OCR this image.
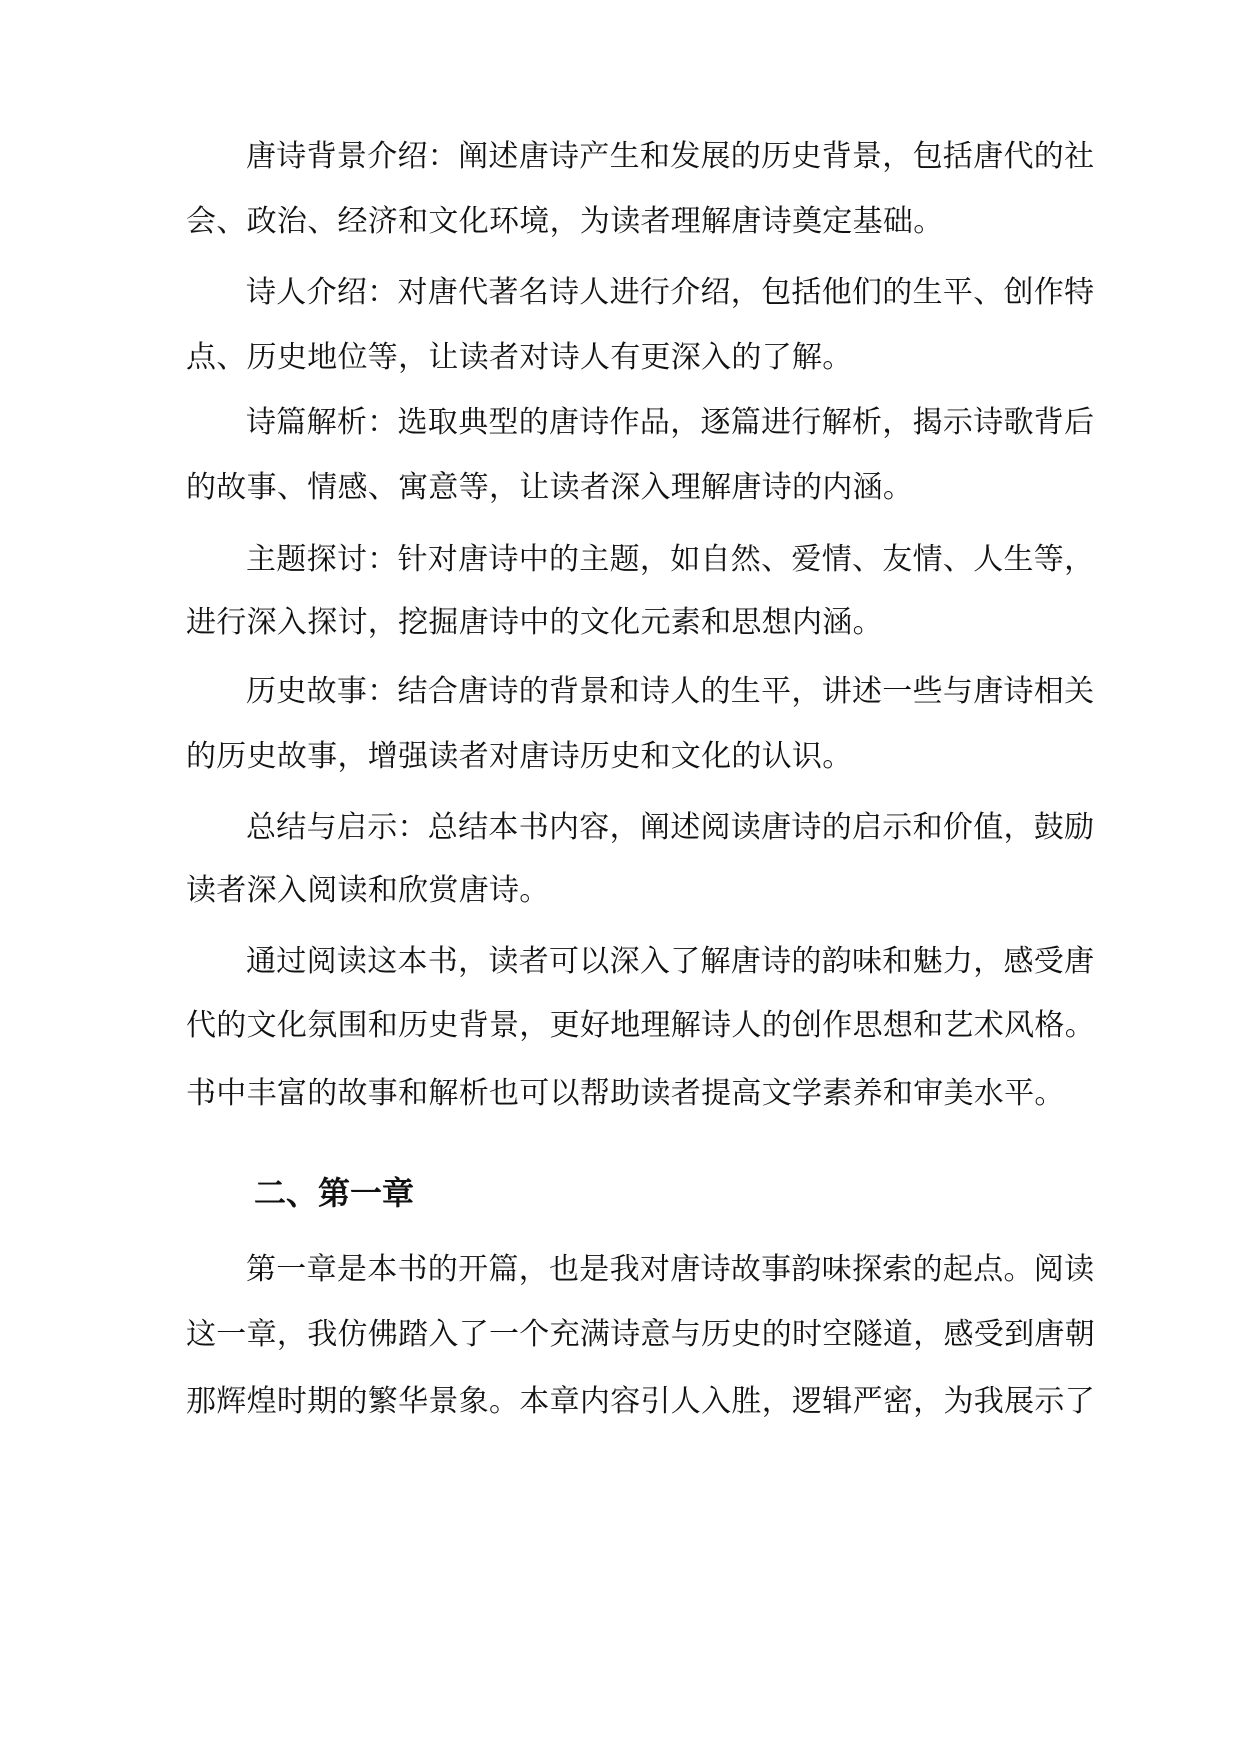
唐诗背景介绍：阐述唐诗产生和发展的历史背景，包括唐代的社
会、政治、经济和文化环境，为读者理解唐诗奠定基础。
诗人介绍：对唐代著名诗人进行介绍，包括他们的生平、创作特
点、历史地位等，让读者对诗人有更深入的了解。
诗篇解析：选取典型的唐诗作品，逐篇进行解析，揭示诗歌背后
的故事、情感、寓意等，让读者深入理解唐诗的内涵。
主题探讨：针对唐诗中的主题，如自然、爱情、友情、人生等，
进行深入探讨，挖掘唐诗中的文化元素和思想内涵。
历史故事：结合唐诗的背景和诗人的生平，讲述一些与唐诗相关
的历史故事，增强读者对唐诗历史和文化的认识。
总结与启示：总结本书内容，阐述阅读唐诗的启示和价值，鼓励
读者深入阅读和欣赏唐诗。
通过阅读这本书，读者可以深入了解唐诗的韵味和魅力，感受唐
代的文化氛围和历史背景，更好地理解诗人的创作思想和艺术风格。
书中丰富的故事和解析也可以帮助读者提高文学素养和审美水平。
二、第一章
第一章是本书的开篇，也是我对唐诗故事韵味探索的起点。阅读
这一章，我仿佛踏入了一个充满诗意与历史的时空隧道，感受到唐朝
那辉煌时期的繁华景象。本章内容引人入胜，逻辑严密，为我展示了
